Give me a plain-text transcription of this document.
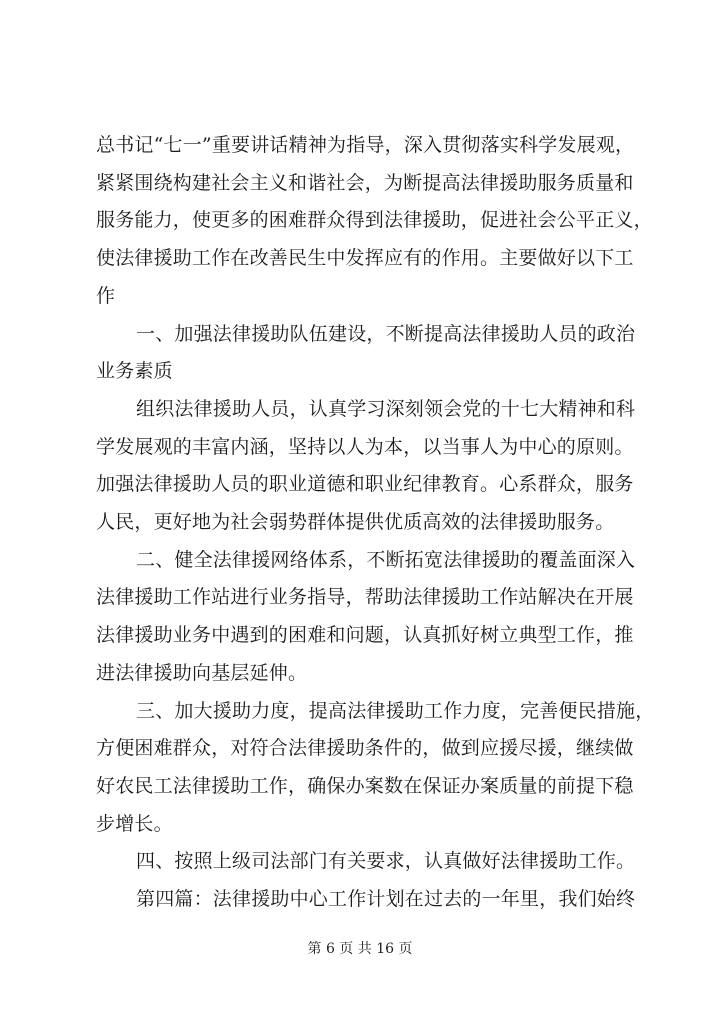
总书记“七一”重要讲话精神为指导，深入贯彻落实科学发展观，
紧紧围绕构建社会主义和谐社会，为断提高法律援助服务质量和
服务能力，使更多的困难群众得到法律援助，促进社会公平正义，
使法律援助工作在改善民生中发挥应有的作用。主要做好以下工
作
一、加强法律援助队伍建设，不断提高法律援助人员的政治
业务素质
组织法律援助人员，认真学习深刻领会党的十七大精神和科
学发展观的丰富内涵，坚持以人为本，以当事人为中心的原则。
加强法律援助人员的职业道德和职业纪律教育。心系群众，服务
人民，更好地为社会弱势群体提供优质高效的法律援助服务。
二、健全法律援网络体系，不断拓宽法律援助的覆盖面深入
法律援助工作站进行业务指导，帮助法律援助工作站解决在开展
法律援助业务中遇到的困难和问题，认真抓好树立典型工作，推
进法律援助向基层延伸。
三、加大援助力度，提高法律援助工作力度，完善便民措施，
方便困难群众，对符合法律援助条件的，做到应援尽援，继续做
好农民工法律援助工作，确保办案数在保证办案质量的前提下稳
步增长。
四、按照上级司法部门有关要求，认真做好法律援助工作。
第四篇：法律援助中心工作计划在过去的一年里，我们始终
第 6 页 共 16 页
